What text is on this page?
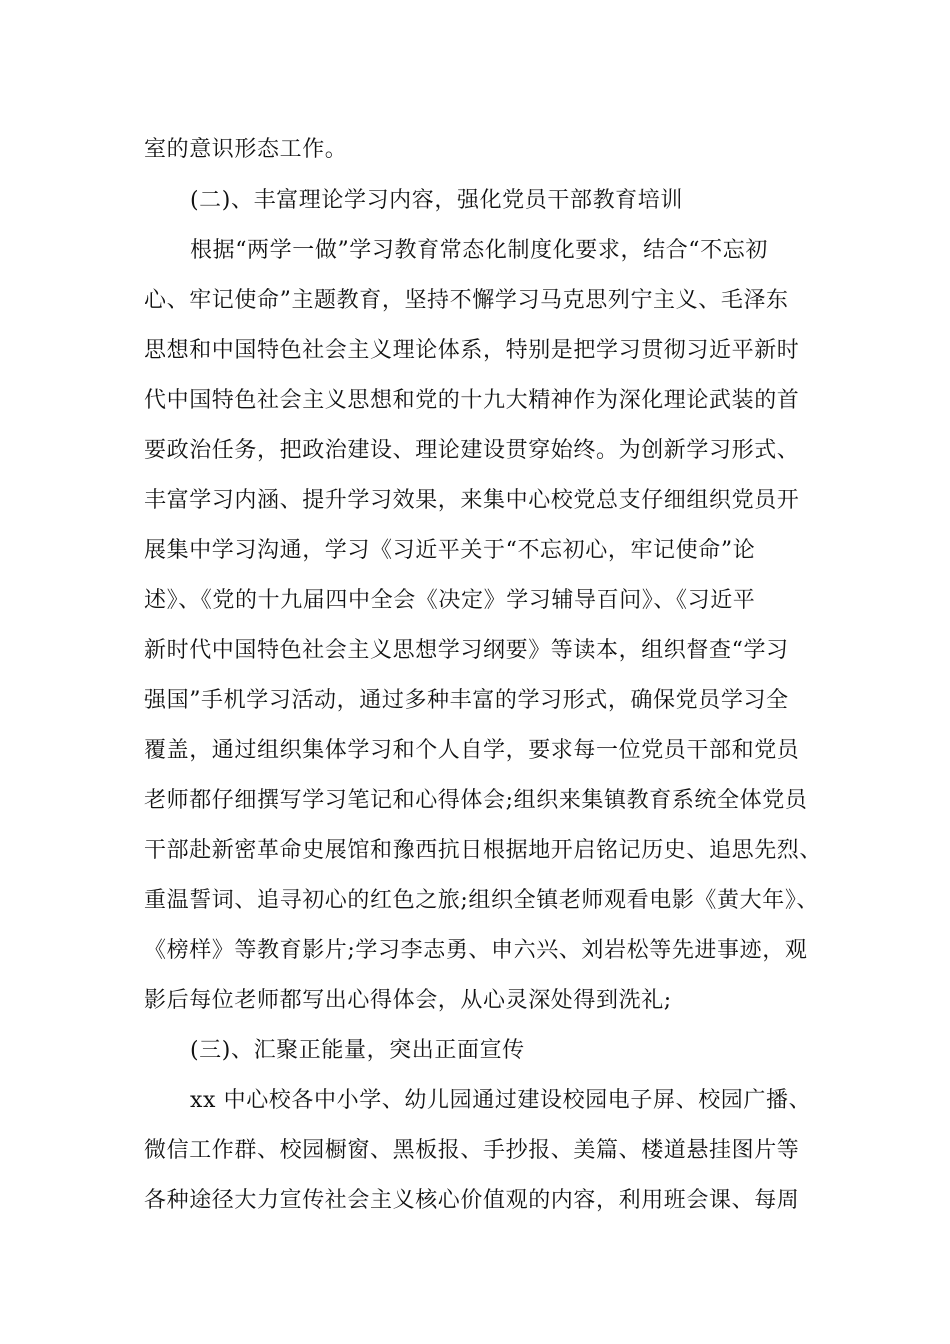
室的意识形态工作。
(二)、丰富理论学习内容，强化党员干部教育培训
根据“两学一做”学习教育常态化制度化要求，结合“不忘初
心、牢记使命”主题教育，坚持不懈学习马克思列宁主义、毛泽东
思想和中国特色社会主义理论体系，特别是把学习贯彻习近平新时
代中国特色社会主义思想和党的十九大精神作为深化理论武装的首
要政治任务，把政治建设、理论建设贯穿始终。为创新学习形式、
丰富学习内涵、提升学习效果，来集中心校党总支仔细组织党员开
展集中学习沟通，学习《习近平关于“不忘初心，牢记使命”论
述》、《党的十九届四中全会《决定》学习辅导百问》、《习近平
新时代中国特色社会主义思想学习纲要》等读本，组织督查“学习
强国”手机学习活动，通过多种丰富的学习形式，确保党员学习全
覆盖，通过组织集体学习和个人自学，要求每一位党员干部和党员
老师都仔细撰写学习笔记和心得体会;组织来集镇教育系统全体党员
干部赴新密革命史展馆和豫西抗日根据地开启铭记历史、追思先烈、
重温誓词、追寻初心的红色之旅;组织全镇老师观看电影《黄大年》、
《榜样》等教育影片;学习李志勇、申六兴、刘岩松等先进事迹，观
影后每位老师都写出心得体会，从心灵深处得到洗礼;
(三)、汇聚正能量，突出正面宣传
xx 中心校各中小学、幼儿园通过建设校园电子屏、校园广播、
微信工作群、校园橱窗、黑板报、手抄报、美篇、楼道悬挂图片等
各种途径大力宣传社会主义核心价值观的内容，利用班会课、每周
